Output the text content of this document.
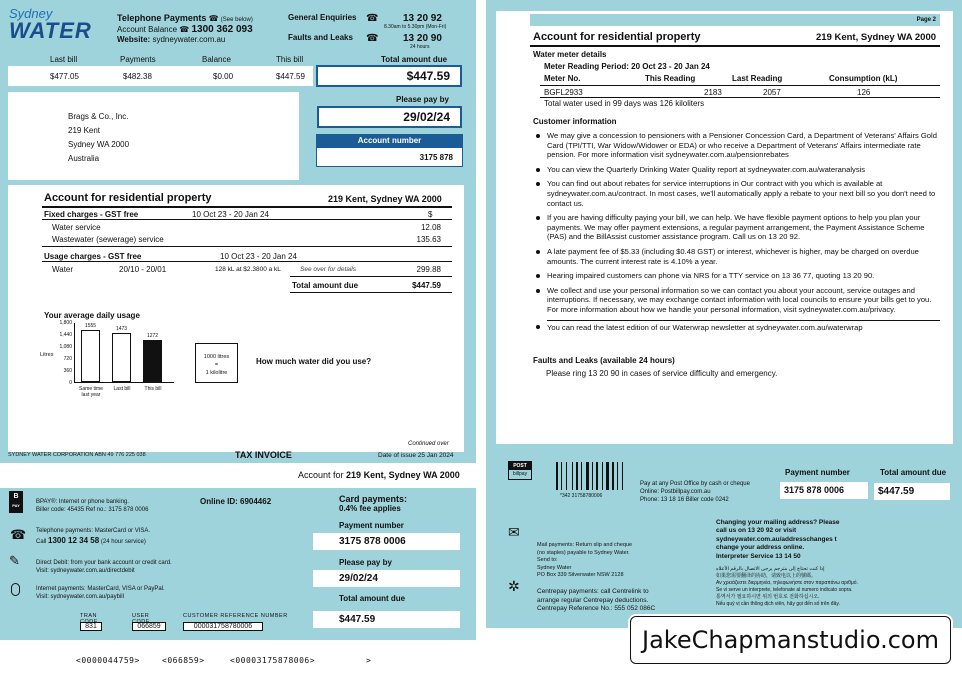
Sydney
WATER	Telephone Payments ☎ (See below)
Account Balance ☎ 1300 362 093
Website: sydneywater.com.au
General Enquiries ☎ 13 20 92
8.30am to 5.30pm (Mon-Fri)
Faults and Leaks ☎ 13 20 90
24 hours
Last bill	Payments	Balance	This bill	Total amount due
$477.05	$482.38	$0.00	$447.59	$447.59
Brags & Co., Inc.
219 Kent
Sydney WA 2000
Australia
Please pay by
29/02/24
Account number
3175 878
Account for residential property	219 Kent, Sydney WA 2000
Fixed charges - GST free	10 Oct 23 - 20 Jan 24	$
Water service	12.08
Wastewater (sewerage) service	135.63
Usage charges - GST free	10 Oct 23 - 20 Jan 24
Water	20/10 - 20/01	128 kL at $2.3800 a kL	See over for details	299.88
Total amount due	$447.59
Your average daily usage
Litres
1,800
1,440
1,080
720
360
0
1555
Same time last year
1473
Last bill
1272
This bill
1000 litres
=
1 kilolitre
How much water did you use?
Continued over
SYDNEY WATER CORPORATION ABN 49 776 225 038	TAX INVOICE	Date of issue 25 Jan 2024
Account for 219 Kent, Sydney WA 2000
B
PAY
BPAY®: Internet or phone banking.
Biller code: 45435 Ref no.: 3175 878 0006
Online ID: 6904462
☎ Telephone payments: MasterCard or VISA.
Call 1300 12 34 58 (24 hour service)
✎	Direct Debit: from your bank account or credit card.
Visit: sydneywater.com.au/directdebit
Internet payments: MasterCard, VISA or PayPal.
Visit: sydneywater.com.au/paybill
Card payments:
0.4% fee applies
Payment number
3175 878 0006
Please pay by
29/02/24
Total amount due
$447.59
TRAN	USER	CUSTOMER REFERENCE NUMBER
831	066859	000031758780006
<0000044759>	<066859>	<00003175878006>	>
Page 2
Account for residential property	219 Kent, Sydney WA 2000
Water meter details
Meter Reading Period: 20 Oct 23 - 20 Jan 24
Meter No.	This Reading	Last Reading	Consumption (kL)
BGFL2933	2183	2057	126
Total water used in 99 days was 126 kiloliters
Customer information
We may give a concession to pensioners with a Pensioner Concession Card, a Department of Veterans' Affairs Gold Card (TPI/TTI, War Widow/Widower or EDA) or who receive a Department of Veterans' Affairs intermediate rate pension. For more information visit sydneywater.com.au/pensionrebates
You can view the Quarterly Drinking Water Quality report at sydneywater.com.au/wateranalysis
You can find out about rebates for service interruptions in Our contract with you which is available at sydneywater.com.au/contract. In most cases, we'll automatically apply a rebate to your next bill so you don't need to contact us.
If you are having difficulty paying your bill, we can help. We have flexible payment options to help you plan your payments. We may offer payment extensions, a regular payment arrangement, the Payment Assistance Scheme (PAS) and the BillAssist customer assistance program. Call us on 13 20 92.
A late payment fee of $5.33 (including $0.48 GST) or interest, whichever is higher, may be charged on overdue amounts. The current interest rate is 4.10% a year.
Hearing impaired customers can phone via NRS for a TTY service on 13 36 77, quoting 13 20 90.
We collect and use your personal information so we can contact you about your account, service outages and interruptions. If necessary, we may exchange contact information with local councils to ensure your bills get to you. For more information about how we handle your personal information, visit sydneywater.com.au/privacy.
You can read the latest edition of our Waterwrap newsletter at sydneywater.com.au/waterwrap
Faults and Leaks (available 24 hours)
Please ring 13 20 90 in cases of service difficulty and emergency.
POST
billpay
*342 31758780006
Pay at any Post Office by cash or cheque
Online: Postbillpay.com.au
Phone: 13 18 16 Biller code 0242
Payment number
3175 878 0006
Total amount due
$447.59
✉
Mail payments: Return slip and cheque
(no staples) payable to Sydney Water.
Send to:
Sydney Water
PO Box 339 Silverwater NSW 2128
✲	Centrepay payments: call Centrelink to
arrange regular Centrepay deductions.
Centrepay Reference No.: 555 052 086C
Changing your mailing address? Please
call us on 13 20 92 or visit
sydneywater.com.au/addresschanges t
change your address online.
Interpreter Service 13 14 50
إذا كنت تحتاج إلى مترجم يرجى الاتصال بالرقم الأعلاه
如果您需要翻译的协助，请致电以上的號碼。
Αν χρειάζεστε διερμηνέα, τηλεφωνήστε στον παραπάνω αριθμό.
Se vi serve un interprete, telefonate al numero indicato sopra.
통역서가 필요하시면 위의 번호로 전화하십시오.
Nếu quý vị cần thông dịch viên, hãy gọi đến số trên đây.
JakeChapmanstudio.com
